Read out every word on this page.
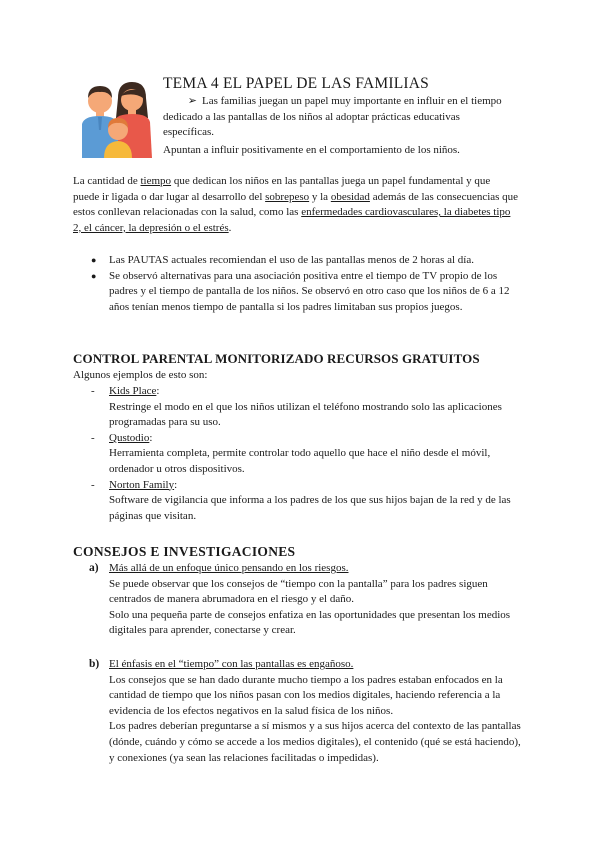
TEMA 4 EL PAPEL DE LAS FAMILIAS
➢ Las familias juegan un papel muy importante en influir en el tiempo dedicado a las pantallas de los niños al adoptar prácticas educativas específicas.
Apuntan a influir positivamente en el comportamiento de los niños.

La cantidad de tiempo que dedican los niños en las pantallas juega un papel fundamental y que puede ir ligada o dar lugar al desarrollo del sobrepeso y la obesidad además de las consecuencias que estos conllevan relacionadas con la salud, como las enfermedades cardiovasculares, la diabetes tipo 2, el cáncer, la depresión o el estrés.

● Las PAUTAS actuales recomiendan el uso de las pantallas menos de 2 horas al día.
● Se observó alternativas para una asociación positiva entre el tiempo de TV propio de los padres y el tiempo de pantalla de los niños. Se observó en otro caso que los niños de 6 a 12 años tenían menos tiempo de pantalla si los padres limitaban sus propios juegos.
CONTROL PARENTAL MONITORIZADO RECURSOS GRATUITOS
Algunos ejemplos de esto son:
- Kids Place:
Restringe el modo en el que los niños utilizan el teléfono mostrando solo las aplicaciones programadas para su uso.
- Qustodio:
Herramienta completa, permite controlar todo aquello que hace el niño desde el móvil, ordenador u otros dispositivos.
- Norton Family:
Software de vigilancia que informa a los padres de los que sus hijos bajan de la red y de las páginas que visitan.
CONSEJOS E INVESTIGACIONES
a) Más allá de un enfoque único pensando en los riesgos.
Se puede observar que los consejos de “tiempo con la pantalla” para los padres siguen centrados de manera abrumadora en el riesgo y el daño.
Solo una pequeña parte de consejos enfatiza en las oportunidades que presentan los medios digitales para aprender, conectarse y crear.
b) El énfasis en el “tiempo” con las pantallas es engañoso.
Los consejos que se han dado durante mucho tiempo a los padres estaban enfocados en la cantidad de tiempo que los niños pasan con los medios digitales, haciendo referencia a la evidencia de los efectos negativos en la salud física de los niños.
Los padres deberían preguntarse a sí mismos y a sus hijos acerca del contexto de las pantallas (dónde, cuándo y cómo se accede a los medios digitales), el contenido (qué se está haciendo), y conexiones (ya sean las relaciones facilitadas o impedidas).
